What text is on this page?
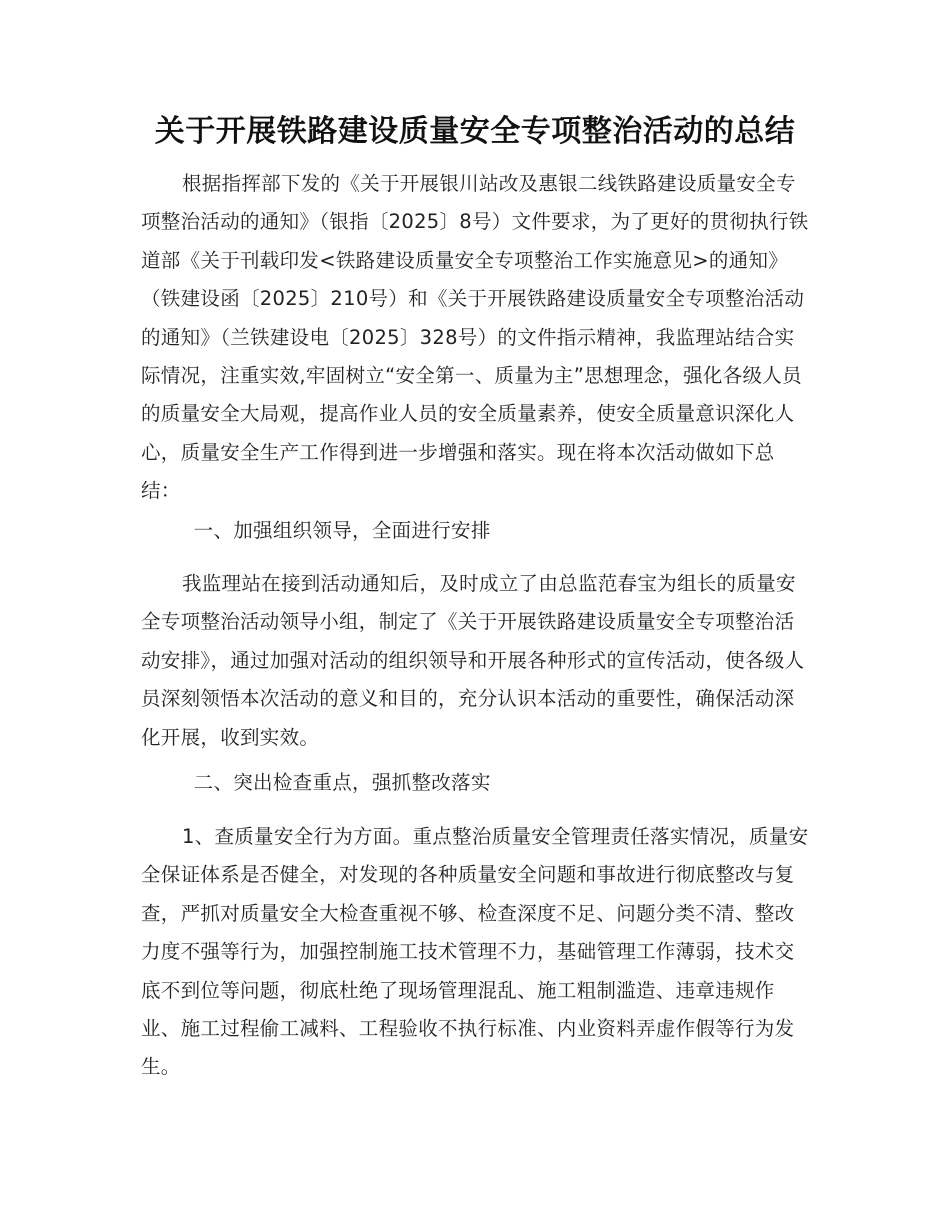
关于开展铁路建设质量安全专项整治活动的总结

根据指挥部下发的《关于开展银川站改及惠银二线铁路建设质量安全专项整治活动的通知》（银指〔2025〕8号）文件要求，为了更好的贯彻执行铁道部《关于刊载印发<铁路建设质量安全专项整治工作实施意见>的通知》（铁建设函〔2025〕210号）和《关于开展铁路建设质量安全专项整治活动的通知》（兰铁建设电〔2025〕328号）的文件指示精神，我监理站结合实际情况，注重实效,牢固树立“安全第一、质量为主”思想理念，强化各级人员的质量安全大局观，提高作业人员的安全质量素养，使安全质量意识深化人心，质量安全生产工作得到进一步增强和落实。现在将本次活动做如下总结：

一、加强组织领导，全面进行安排

我监理站在接到活动通知后，及时成立了由总监范春宝为组长的质量安全专项整治活动领导小组，制定了《关于开展铁路建设质量安全专项整治活动安排》，通过加强对活动的组织领导和开展各种形式的宣传活动，使各级人员深刻领悟本次活动的意义和目的，充分认识本活动的重要性，确保活动深化开展，收到实效。

二、突出检查重点，强抓整改落实

1、查质量安全行为方面。重点整治质量安全管理责任落实情况，质量安全保证体系是否健全，对发现的各种质量安全问题和事故进行彻底整改与复查，严抓对质量安全大检查重视不够、检查深度不足、问题分类不清、整改力度不强等行为，加强控制施工技术管理不力，基础管理工作薄弱，技术交底不到位等问题，彻底杜绝了现场管理混乱、施工粗制滥造、违章违规作业、施工过程偷工减料、工程验收不执行标准、内业资料弄虚作假等行为发生。
